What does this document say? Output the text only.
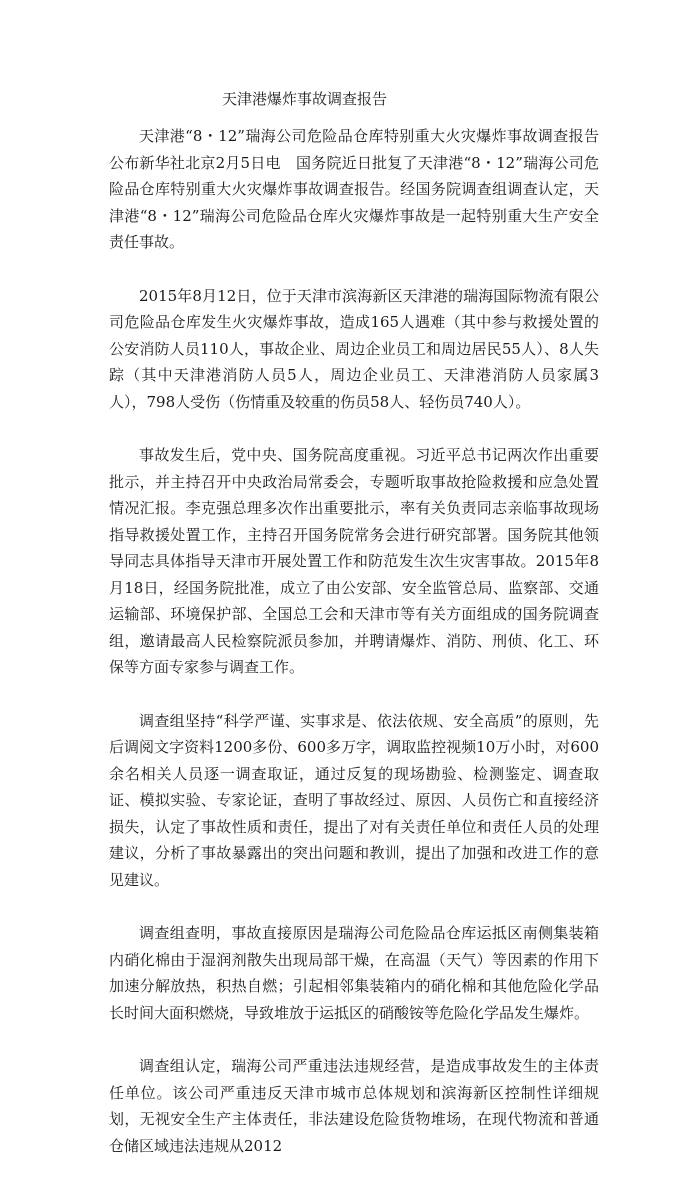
天津港爆炸事故调查报告

天津港“8・12”瑞海公司危险品仓库特别重大火灾爆炸事故调查报告公布新华社北京2月5日电　国务院近日批复了天津港“8・12”瑞海公司危险品仓库特别重大火灾爆炸事故调查报告。经国务院调查组调查认定，天津港“8・12”瑞海公司危险品仓库火灾爆炸事故是一起特别重大生产安全责任事故。

2015年8月12日，位于天津市滨海新区天津港的瑞海国际物流有限公司危险品仓库发生火灾爆炸事故，造成165人遇难（其中参与救援处置的公安消防人员110人，事故企业、周边企业员工和周边居民55人）、8人失踪（其中天津港消防人员5人，周边企业员工、天津港消防人员家属3人），798人受伤（伤情重及较重的伤员58人、轻伤员740人）。

事故发生后，党中央、国务院高度重视。习近平总书记两次作出重要批示，并主持召开中央政治局常委会，专题听取事故抢险救援和应急处置情况汇报。李克强总理多次作出重要批示，率有关负责同志亲临事故现场指导救援处置工作，主持召开国务院常务会进行研究部署。国务院其他领导同志具体指导天津市开展处置工作和防范发生次生灾害事故。2015年8月18日，经国务院批准，成立了由公安部、安全监管总局、监察部、交通运输部、环境保护部、全国总工会和天津市等有关方面组成的国务院调查组，邀请最高人民检察院派员参加，并聘请爆炸、消防、刑侦、化工、环保等方面专家参与调查工作。

调查组坚持“科学严谨、实事求是、依法依规、安全高质”的原则，先后调阅文字资料1200多份、600多万字，调取监控视频10万小时，对600余名相关人员逐一调查取证，通过反复的现场勘验、检测鉴定、调查取证、模拟实验、专家论证，查明了事故经过、原因、人员伤亡和直接经济损失，认定了事故性质和责任，提出了对有关责任单位和责任人员的处理建议，分析了事故暴露出的突出问题和教训，提出了加强和改进工作的意见建议。

调查组查明，事故直接原因是瑞海公司危险品仓库运抵区南侧集装箱内硝化棉由于湿润剂散失出现局部干燥，在高温（天气）等因素的作用下加速分解放热，积热自燃；引起相邻集装箱内的硝化棉和其他危险化学品长时间大面积燃烧，导致堆放于运抵区的硝酸铵等危险化学品发生爆炸。

调查组认定，瑞海公司严重违法违规经营，是造成事故发生的主体责任单位。该公司严重违反天津市城市总体规划和滨海新区控制性详细规划，无视安全生产主体责任，非法建设危险货物堆场，在现代物流和普通仓储区域违法违规从2012
